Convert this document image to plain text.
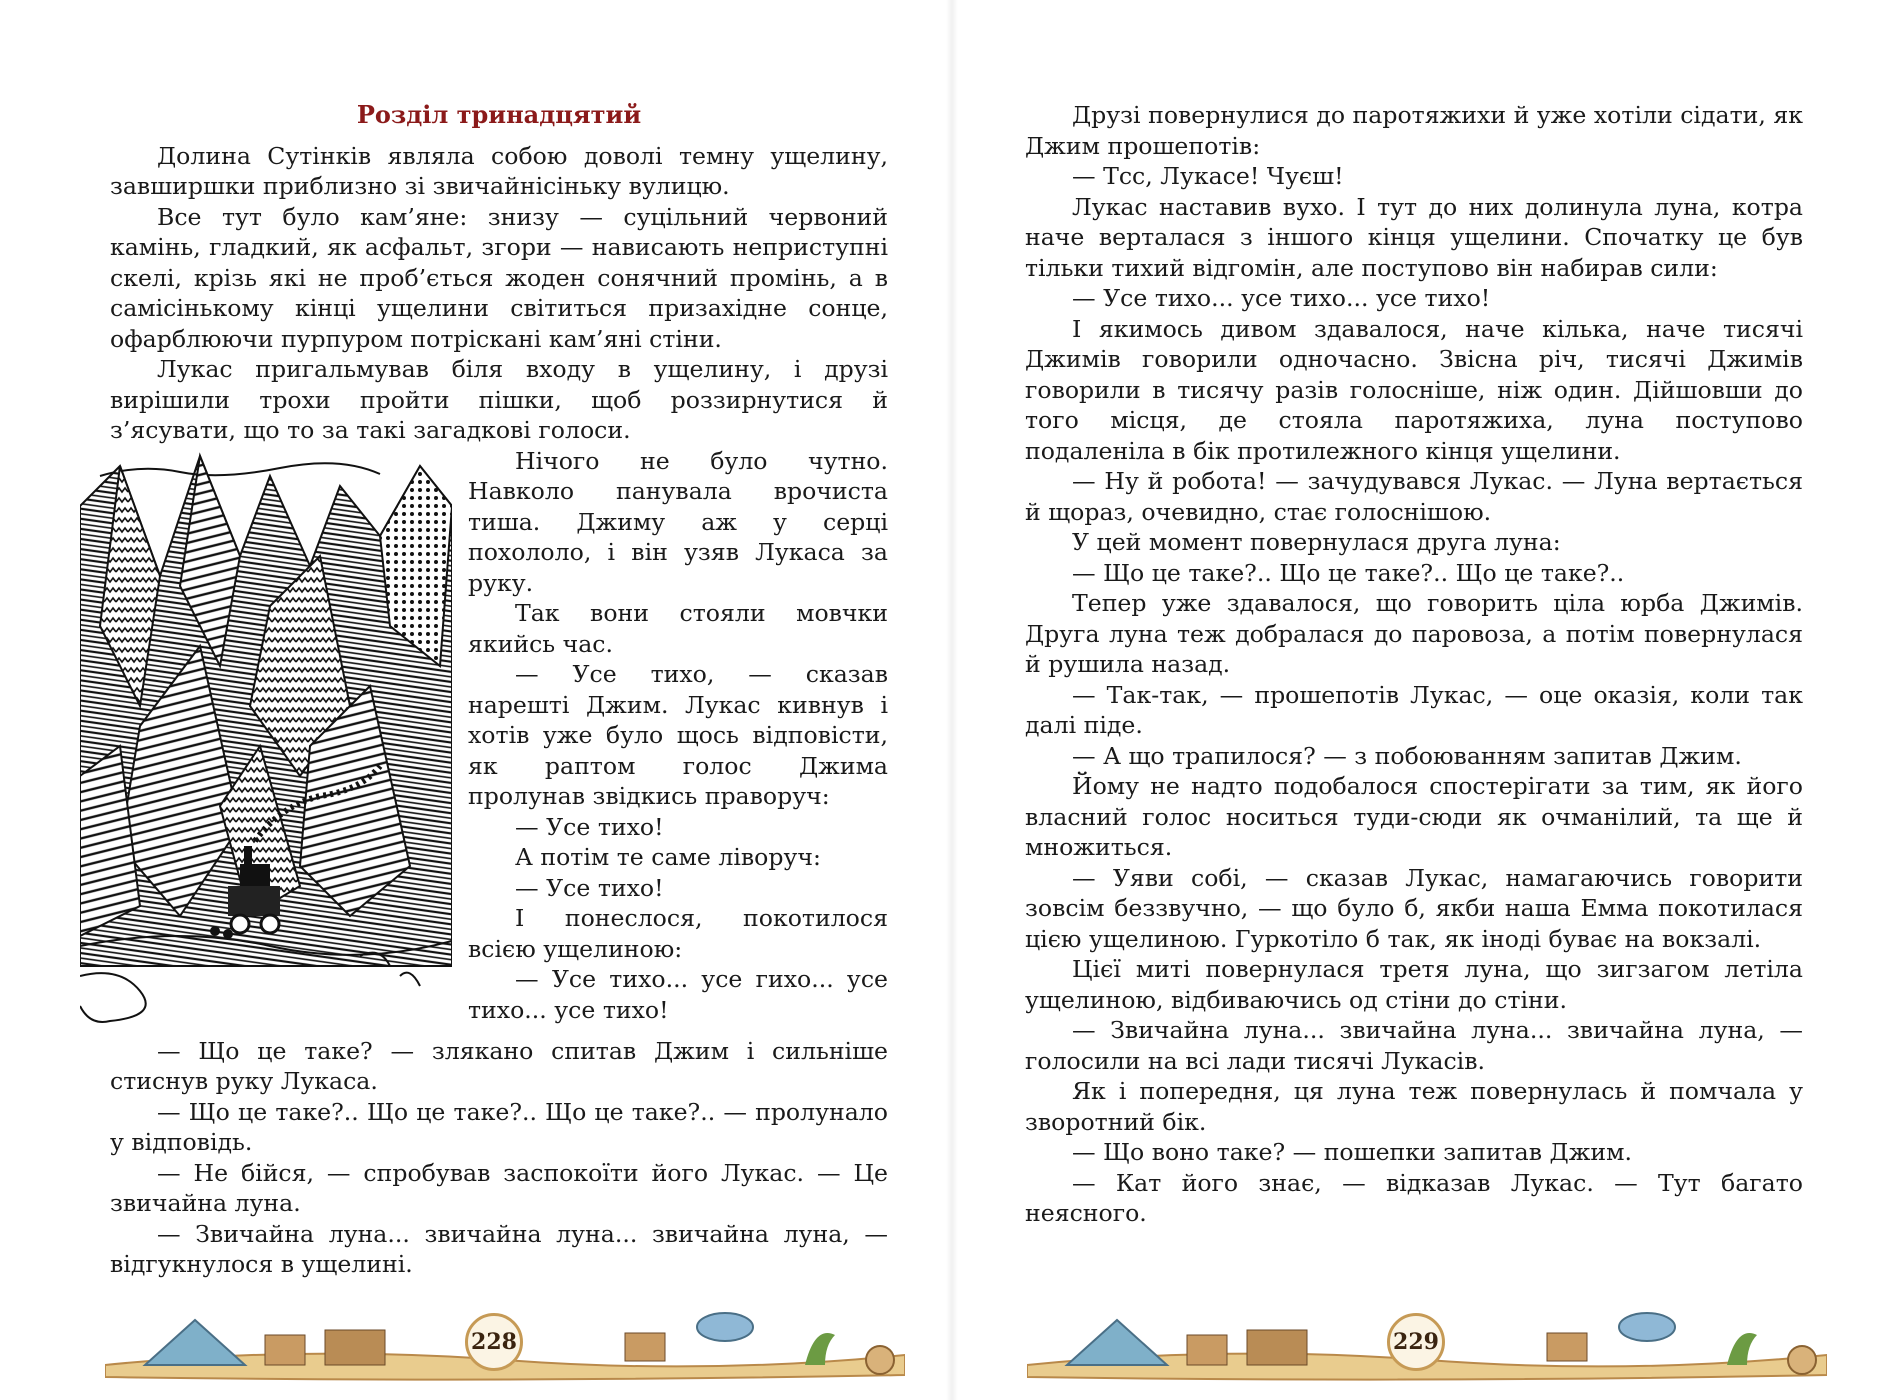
Розділ тринадцятий

Долина Сутінків являла собою доволі темну ущелину, завширшки приблизно зі звичайнісіньку вулицю.

Все тут було кам’яне: знизу — суцільний червоний камінь, гладкий, як асфальт, згори — нависають неприступні скелі, крізь які не проб’ється жоден сонячний промінь, а в самісінькому кінці ущелини світиться призахідне сонце, офарблюючи пурпуром потріскані кам’яні стіни.

Лукас пригальмував біля входу в ущелину, і друзі вирішили трохи пройти пішки, щоб роззирнутися й з’ясувати, що то за такі загадкові голоси.

Нічого не було чутно. Навколо панувала врочиста тиша. Джиму аж у серці похололо, і він узяв Лукаса за руку.

Так вони стояли мовчки якийсь час.

— Усе тихо, — сказав нарешті Джим. Лукас кивнув і хотів уже було щось відповісти, як раптом голос Джима пролунав звідкись праворуч:

— Усе тихо!

А потім те саме ліворуч:

— Усе тихо!

І понеслося, покотилося всією ущелиною:

— Усе тихо... усе гихо... усе тихо... усе тихо!

— Що це таке? — злякано спитав Джим і сильніше стиснув руку Лукаса.

— Що це таке?.. Що це таке?.. Що це таке?.. — пролунало у відповідь.

— Не бійся, — спробував заспокоїти його Лукас. — Це звичайна луна.

— Звичайна луна... звичайна луна... звичайна луна, — відгукнулося в ущелині.

228

Друзі повернулися до паротяжихи й уже хотіли сідати, як Джим прошепотів:

— Тсс, Лукасе! Чуєш!

Лукас наставив вухо. І тут до них долинула луна, котра наче верталася з іншого кінця ущелини. Спочатку це був тільки тихий відгомін, але поступово він набирав сили:

— Усе тихо... усе тихо... усе тихо!

І якимось дивом здавалося, наче кілька, наче тисячі Джимів говорили одночасно. Звісна річ, тисячі Джимів говорили в тисячу разів голосніше, ніж один. Дійшовши до того місця, де стояла паротяжиха, луна поступово подаленіла в бік протилежного кінця ущелини.

— Ну й робота! — зачудувався Лукас. — Луна вертається й щораз, очевидно, стає голоснішою.

У цей момент повернулася друга луна:

— Що це таке?.. Що це таке?.. Що це таке?..

Тепер уже здавалося, що говорить ціла юрба Джимів. Друга луна теж добралася до паровоза, а потім повернулася й рушила назад.

— Так-так, — прошепотів Лукас, — оце оказія, коли так далі піде.

— А що трапилося? — з побоюванням запитав Джим.

Йому не надто подобалося спостерігати за тим, як його власний голос носиться туди-сюди як очманілий, та ще й множиться.

— Уяви собі, — сказав Лукас, намагаючись говорити зовсім беззвучно, — що було б, якби наша Емма покотилася цією ущелиною. Гуркотіло б так, як іноді буває на вокзалі.

Цієї миті повернулася третя луна, що зигзагом летіла ущелиною, відбиваючись од стіни до стіни.

— Звичайна луна... звичайна луна... звичайна луна, — голосили на всі лади тисячі Лукасів.

Як і попередня, ця луна теж повернулась й помчала у зворотний бік.

— Що воно таке? — пошепки запитав Джим.

— Кат його знає, — відказав Лукас. — Тут багато неясного.

229
